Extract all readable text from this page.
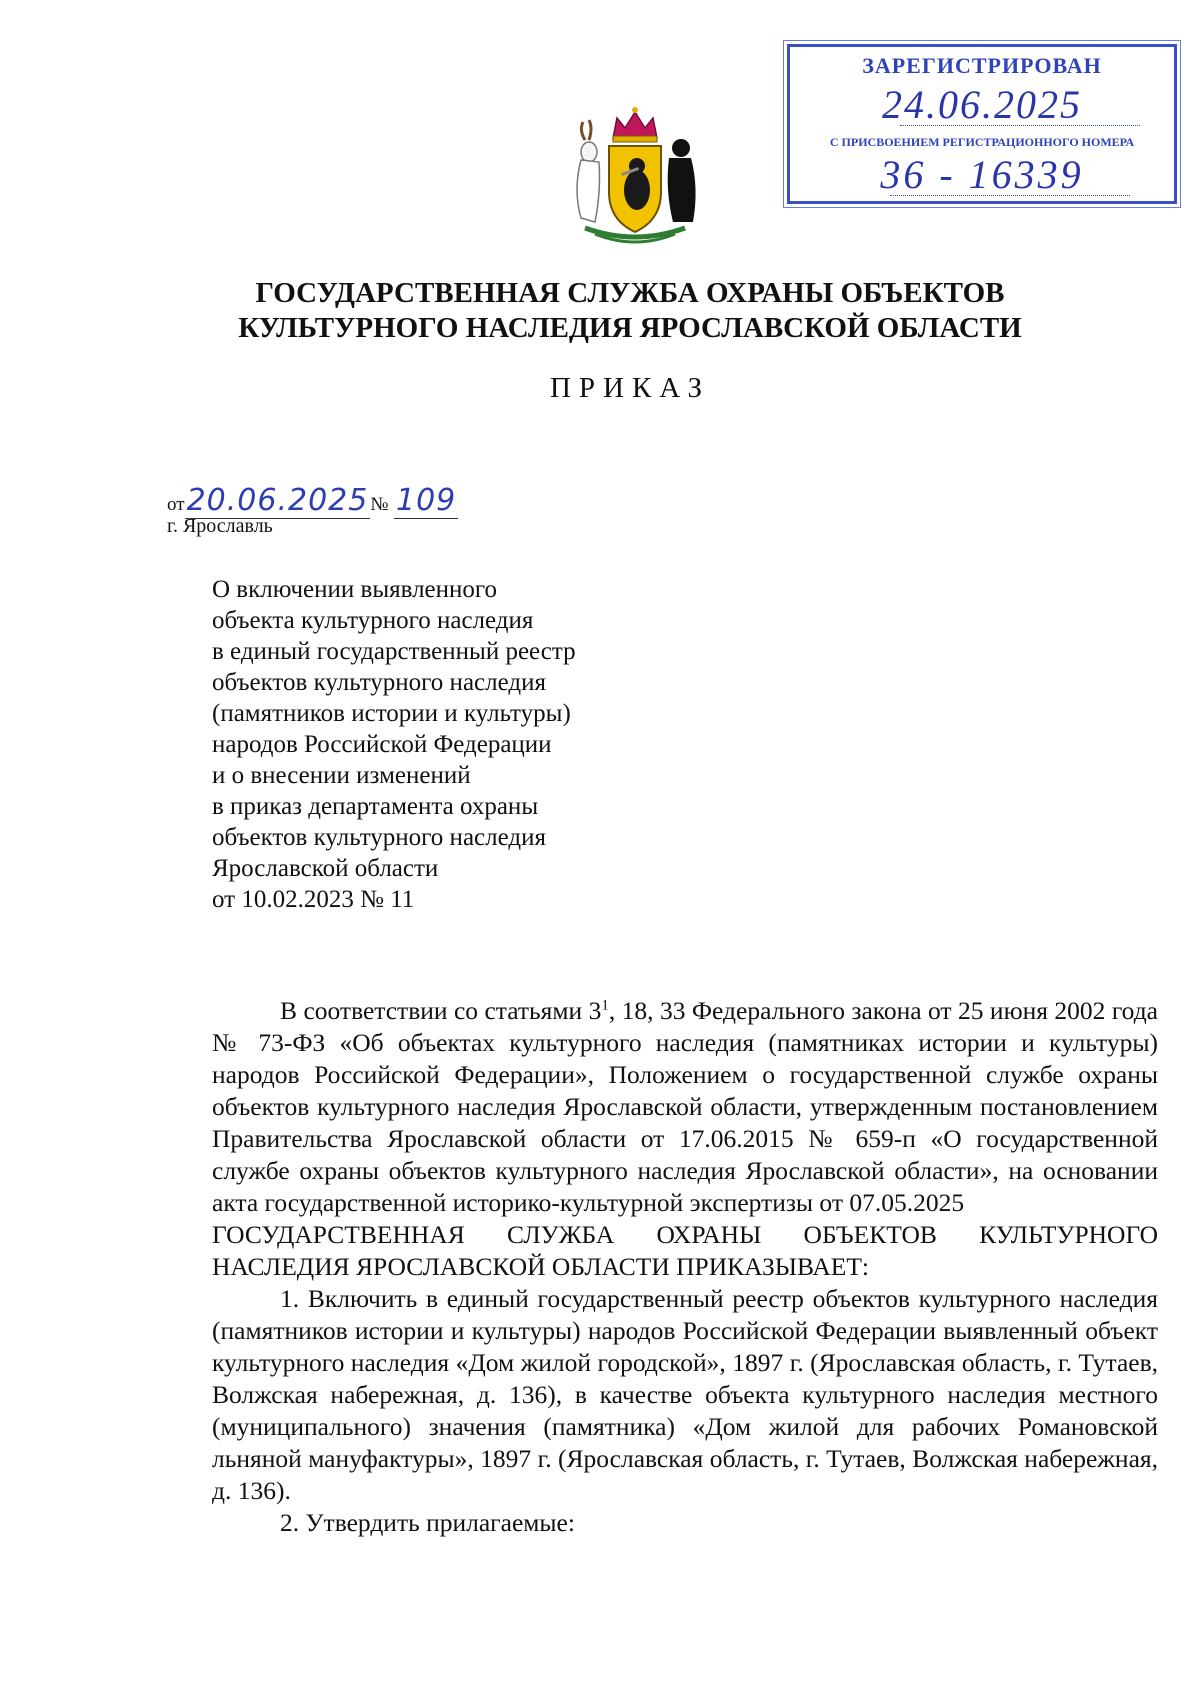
ЗАРЕГИСТРИРОВАН
24.06.2025
С ПРИСВОЕНИЕМ РЕГИСТРАЦИОННОГО НОМЕРА
36 - 16339
ГОСУДАРСТВЕННАЯ СЛУЖБА ОХРАНЫ ОБЪЕКТОВ
КУЛЬТУРНОГО НАСЛЕДИЯ ЯРОСЛАВСКОЙ ОБЛАСТИ
ПРИКАЗ
от20.06.2025 № 109
г. Ярославль
О включении выявленного
объекта культурного наследия
в единый государственный реестр
объектов культурного наследия
(памятников истории и культуры)
народов Российской Федерации
и о внесении изменений
в приказ департамента охраны
объектов культурного наследия
Ярославской области
от 10.02.2023 № 11

В соответствии со статьями $3^1$, 18, 33 Федерального закона от 25 июня 2002 года № 73-ФЗ «Об объектах культурного наследия (памятниках истории и культуры) народов Российской Федерации», Положением о государственной службе охраны объектов культурного наследия Ярославской области, утвержденным постановлением Правительства Ярославской области от 17.06.2015 № 659-п «О государственной службе охраны объектов культурного наследия Ярославской области», на основании акта государственной историко-культурной экспертизы от 07.05.2025

ГОСУДАРСТВЕННАЯ СЛУЖБА ОХРАНЫ ОБЪЕКТОВ КУЛЬТУРНОГО НАСЛЕДИЯ ЯРОСЛАВСКОЙ ОБЛАСТИ ПРИКАЗЫВАЕТ:

1. Включить в единый государственный реестр объектов культурного наследия (памятников истории и культуры) народов Российской Федерации выявленный объект культурного наследия «Дом жилой городской», 1897 г. (Ярославская область, г. Тутаев, Волжская набережная, д. 136), в качестве объекта культурного наследия местного (муниципального) значения (памятника) «Дом жилой для рабочих Романовской льняной мануфактуры», 1897 г. (Ярославская область, г. Тутаев, Волжская набережная, д. 136).

2. Утвердить прилагаемые:
